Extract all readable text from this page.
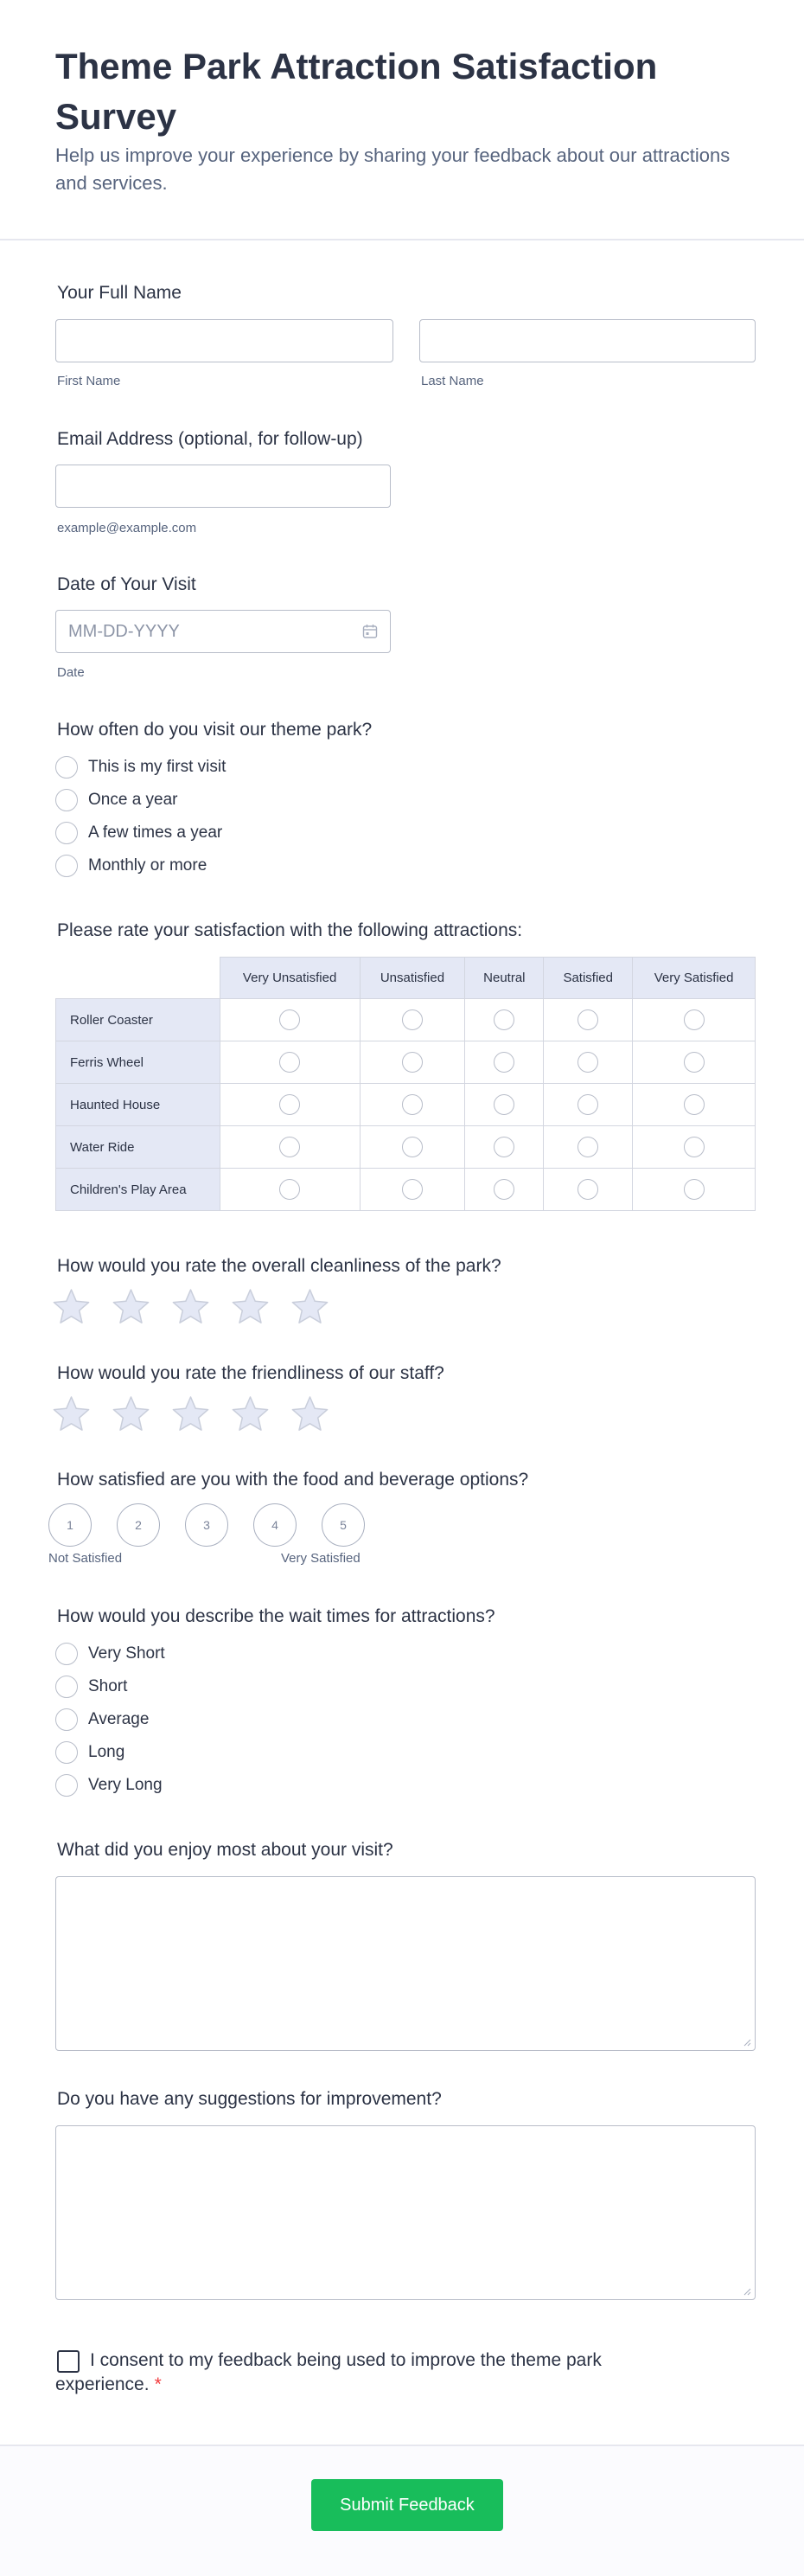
Theme Park Attraction Satisfaction Survey
Help us improve your experience by sharing your feedback about our attractions and services.
Your Full Name
First Name	Last Name
Email Address (optional, for follow-up)
example@example.com
Date of Your Visit
MM-DD-YYYY
Date
How often do you visit our theme park?
This is my first visit
Once a year
A few times a year
Monthly or more
Please rate your satisfaction with the following attractions:
	Very Unsatisfied	Unsatisfied	Neutral	Satisfied	Very Satisfied
Roller Coaster					
Ferris Wheel					
Haunted House					
Water Ride					
Children's Play Area					
How would you rate the overall cleanliness of the park?
How would you rate the friendliness of our staff?
How satisfied are you with the food and beverage options?
1	2	3	4	5
Not Satisfied	Very Satisfied
How would you describe the wait times for attractions?
Very Short
Short
Average
Long
Very Long
What did you enjoy most about your visit?
Do you have any suggestions for improvement?
I consent to my feedback being used to improve the theme park experience. *
Submit Feedback
